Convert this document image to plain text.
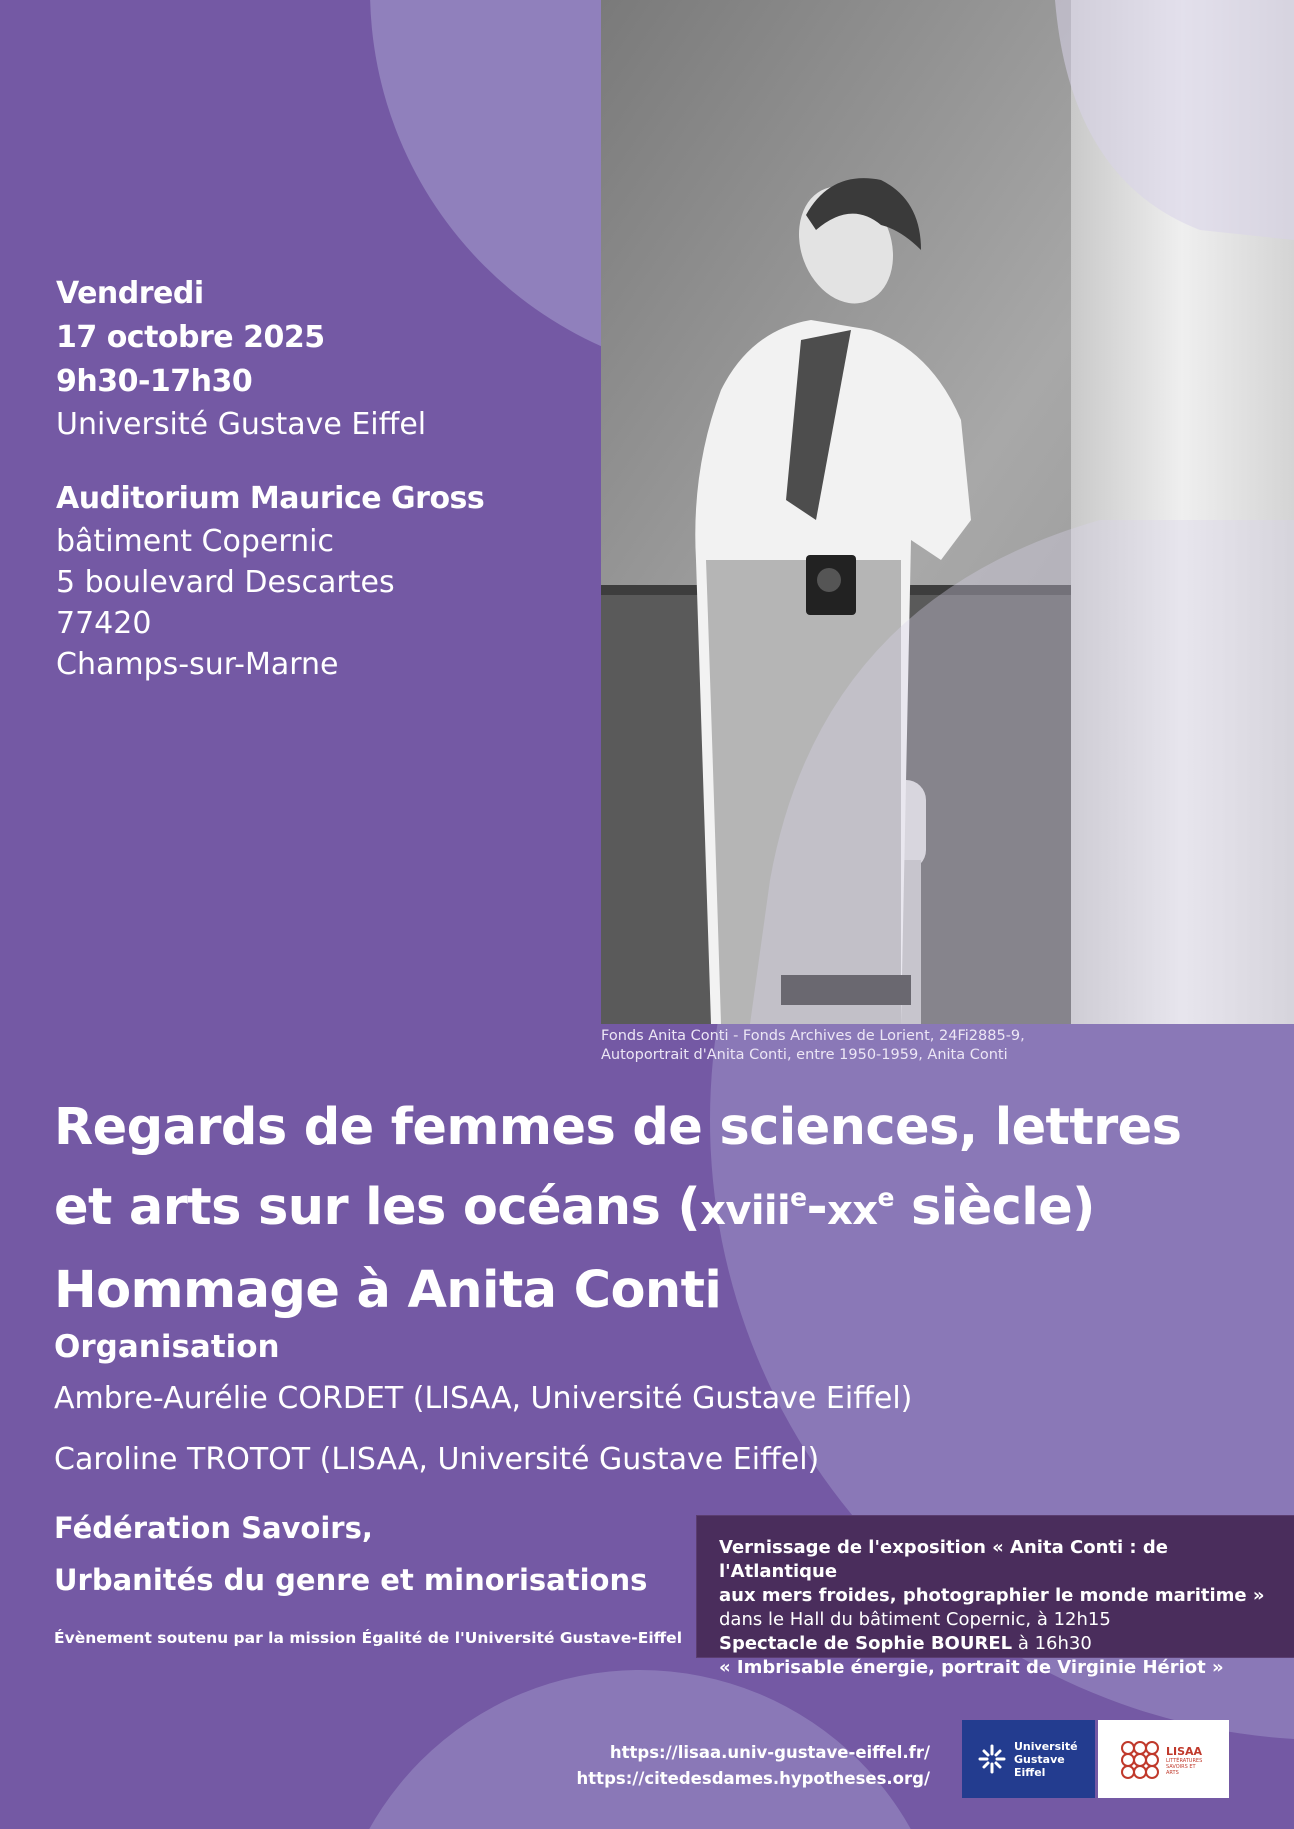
Fonds Anita Conti - Fonds Archives de Lorient, 24Fi2885-9,
Autoportrait d'Anita Conti, entre 1950-1959, Anita Conti
Vendredi
17 octobre 2025
9h30-17h30
Université Gustave Eiffel
Auditorium Maurice Gross
bâtiment Copernic
5 boulevard Descartes
77420
Champs-sur-Marne
Regards de femmes de sciences, lettres
et arts sur les océans ($xviii^e-xx^e$ siècle)
Hommage à Anita Conti
Organisation
Ambre-Aurélie CORDET (LISAA, Université Gustave Eiffel)
Caroline TROTOT (LISAA, Université Gustave Eiffel)
Fédération Savoirs,
Urbanités du genre et minorisations
Évènement soutenu par la mission Égalité de l'Université Gustave-Eiffel
Vernissage de l'exposition « Anita Conti : de l'Atlantique
aux mers froides, photographier le monde maritime »
dans le Hall du bâtiment Copernic, à 12h15
Spectacle de Sophie BOUREL à 16h30
« Imbrisable énergie, portrait de Virginie Hériot »
https://lisaa.univ-gustave-eiffel.fr/
https://citedesdames.hypotheses.org/
Université
Gustave
Eiffel
LISAA
LITTÉRATURES
SAVOIRS ET
ARTS
